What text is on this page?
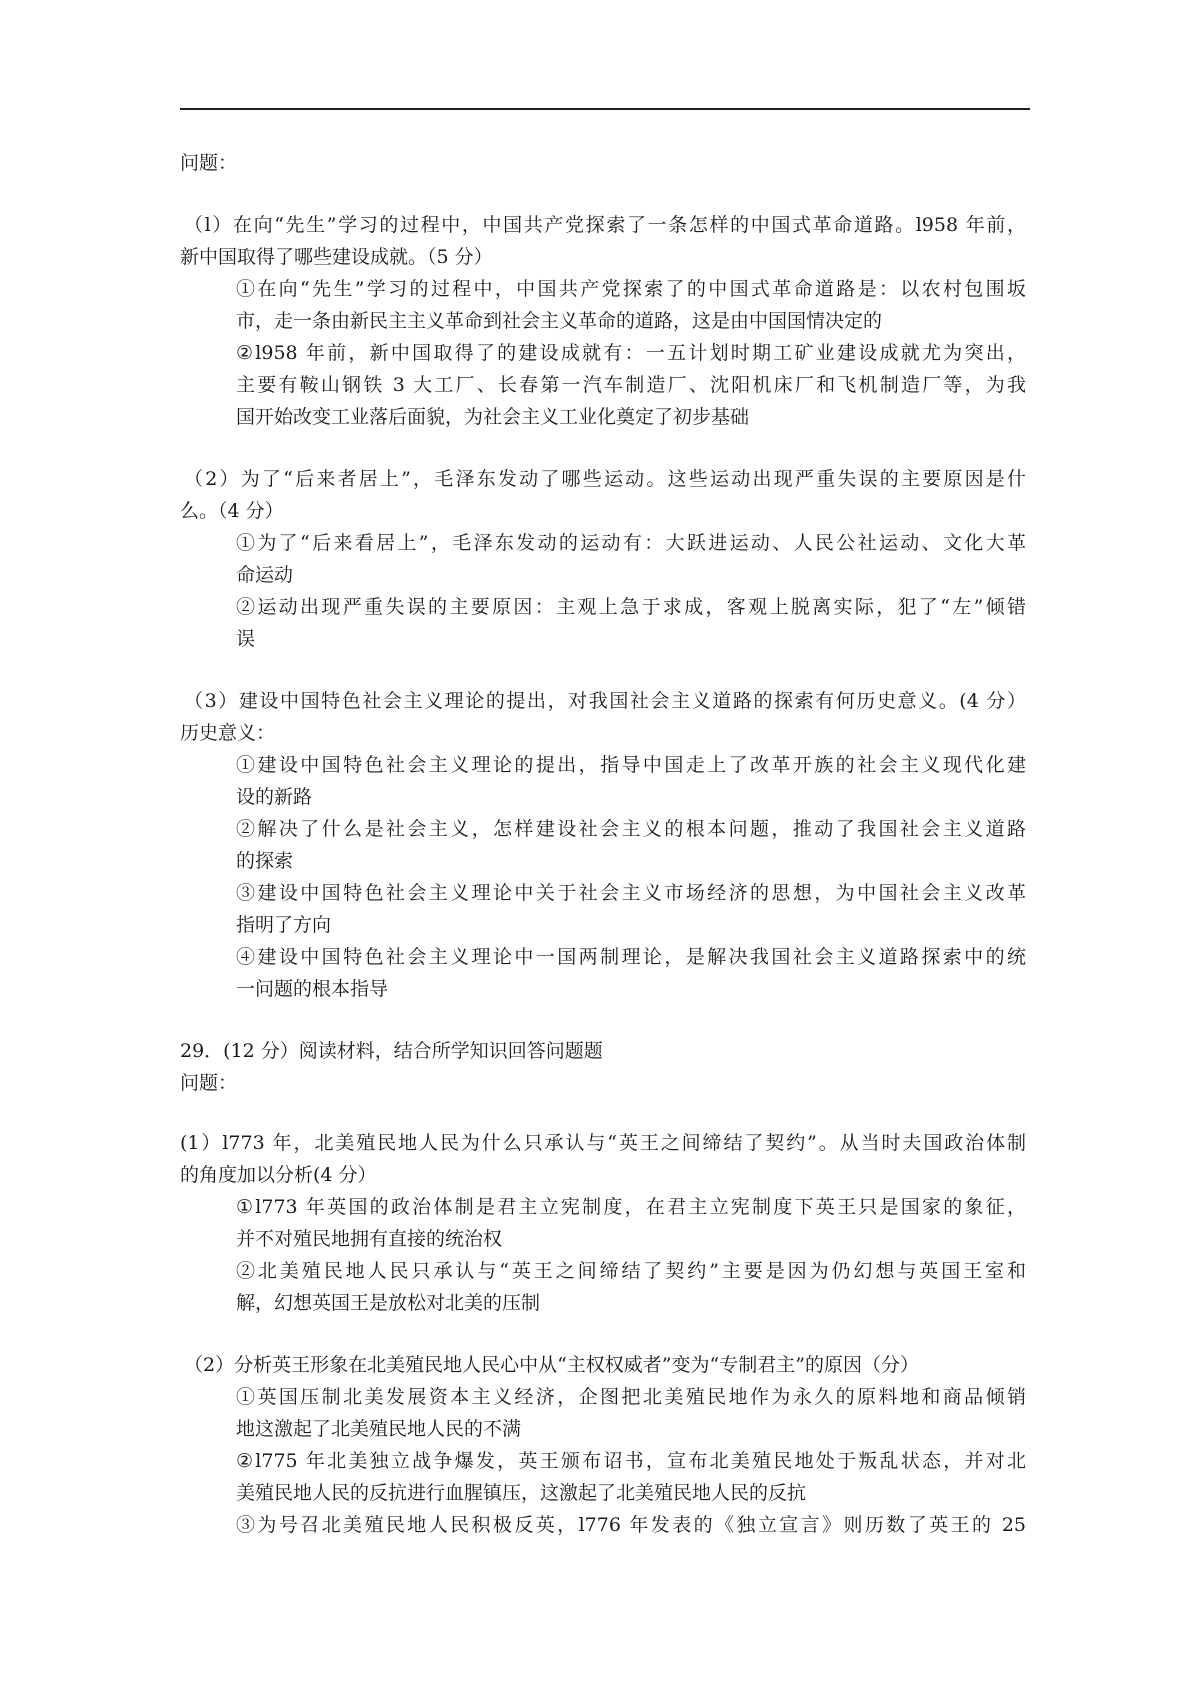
问题：
（l）在向“先生”学习的过程中，中国共产党探索了一条怎样的中国式革命道路。l958 年前，
新中国取得了哪些建设成就。（5 分）
①在向“先生”学习的过程中，中国共产党探索了的中国式革命道路是：以农村包围坂
市，走一条由新民主主义革命到社会主义革命的道路，这是由中国国情决定的
②l958 年前，新中国取得了的建设成就有：一五计划时期工矿业建设成就尤为突出，
主要有鞍山钢铁 3 大工厂、长春第一汽车制造厂、沈阳机床厂和飞机制造厂等，为我
国开始改变工业落后面貌，为社会主义工业化奠定了初步基础
（2）为了“后来者居上”，毛泽东发动了哪些运动。这些运动出现严重失误的主要原因是什
么。（4 分）
①为了“后来看居上”，毛泽东发动的运动有：大跃进运动、人民公社运动、文化大革
命运动
②运动出现严重失误的主要原因：主观上急于求成，客观上脱离实际，犯了“左”倾错
误
（3）建设中国特色社会主义理论的提出，对我国社会主义道路的探索有何历史意义。(4 分）
历史意义：
①建设中国特色社会主义理论的提出，指导中国走上了改革开族的社会主义现代化建
设的新路
②解决了什么是社会主义，怎样建设社会主义的根本问题，推动了我国社会主义道路
的探索
③建设中国特色社会主义理论中关于社会主义市场经济的思想，为中国社会主义改革
指明了方向
④建设中国特色社会主义理论中一国两制理论，是解决我国社会主义道路探索中的统
一问题的根本指导
29．(12 分）阅读材料，结合所学知识回答问题题
问题：
(1）l773 年，北美殖民地人民为什么只承认与“英王之间缔结了契约”。从当时夫国政治体制
的角度加以分析(4 分）
①l773 年英国的政治体制是君主立宪制度，在君主立宪制度下英王只是国家的象征，
并不对殖民地拥有直接的统治权
②北美殖民地人民只承认与“英王之间缔结了契约”主要是因为仍幻想与英国王室和
解，幻想英国王是放松对北美的压制
（2）分析英王形象在北美殖民地人民心中从“主权权威者”变为“专制君主”的原因（分）
①英国压制北美发展资本主义经济，企图把北美殖民地作为永久的原料地和商品倾销
地这激起了北美殖民地人民的不满
②l775 年北美独立战争爆发，英王颁布诏书，宣布北美殖民地处于叛乱状态，并对北
美殖民地人民的反抗进行血腥镇压，这激起了北美殖民地人民的反抗
③为号召北美殖民地人民积极反英，l776 年发表的《独立宣言》则历数了英王的 25
